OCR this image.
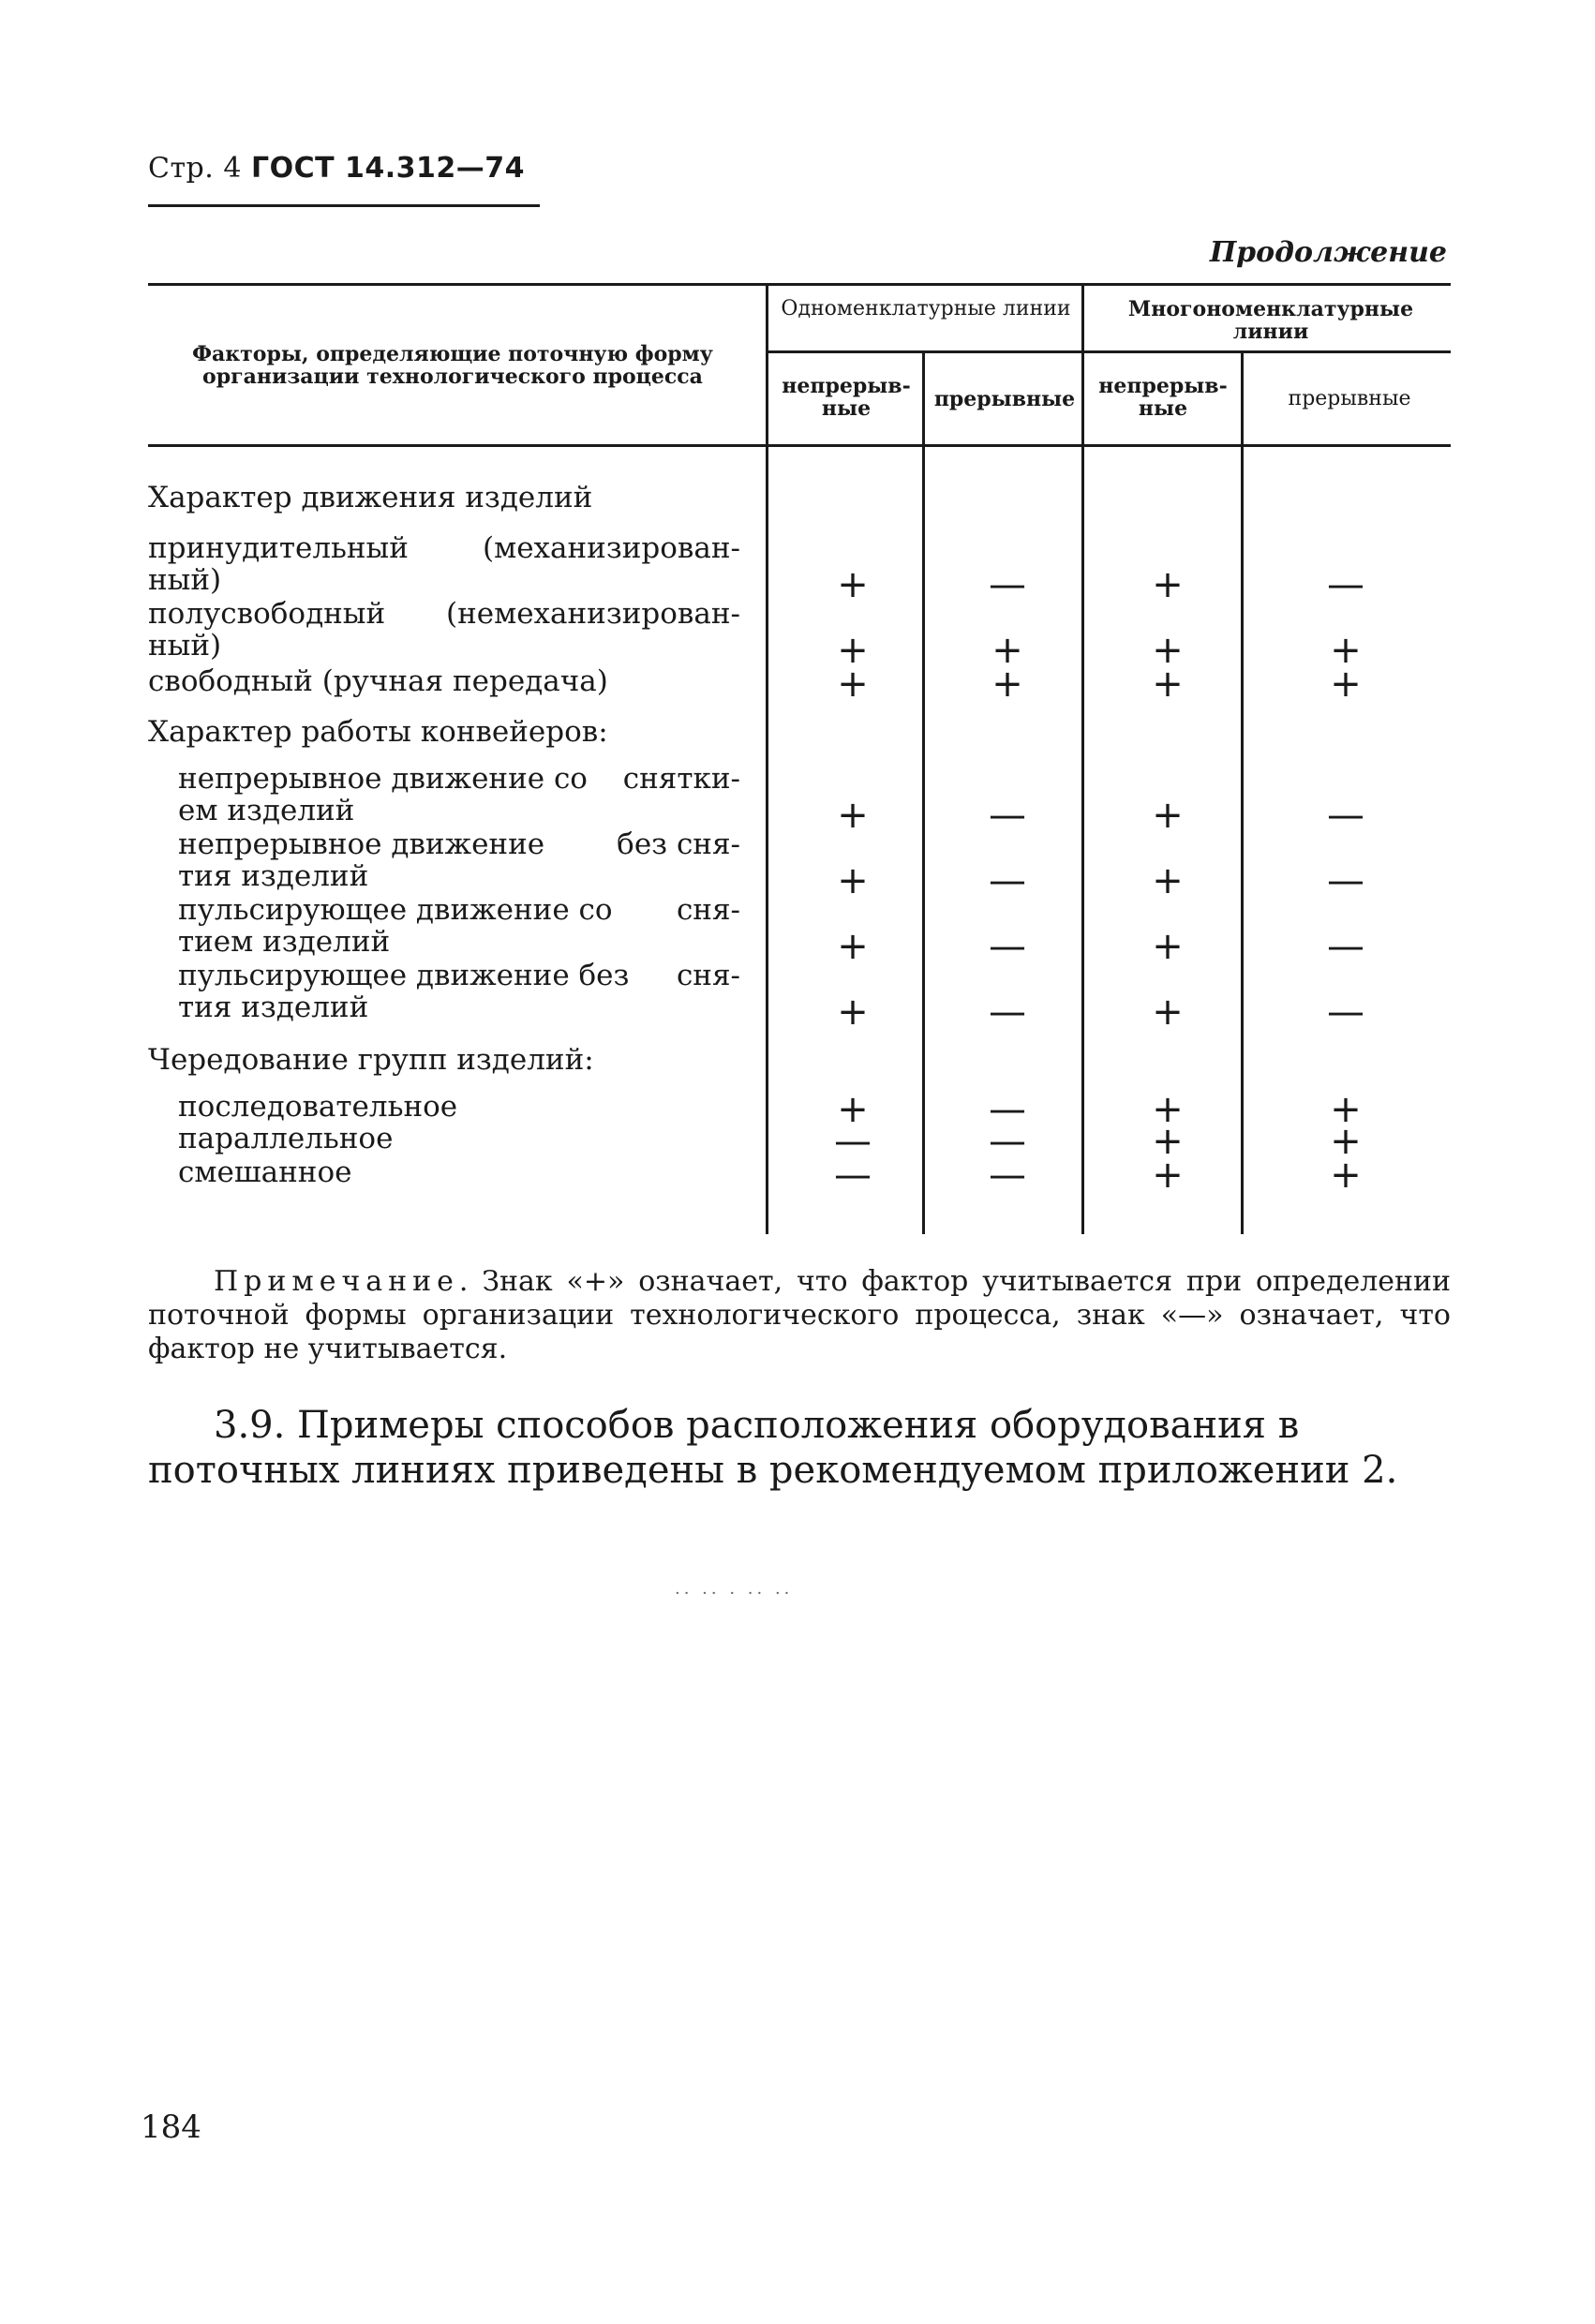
Стр. 4 ГОСТ 14.312—74
Продолжение
Факторы, определяющие поточную форму организации технологического процесса
Одноменклатурные линии	Многономенклатурные линии
непрерыв-ные	прерывные
непрерыв-ные	прерывные
Характер движения изделий
принудительный	(механизирован-
ный)	+	—	+	—
полусвободный (немеханизирован-
ный)	+	+	+	+
свободный (ручная передача)	+	+	+	+
Характер работы конвейеров:
непрерывное движение со снятки-
ем изделий	+	—	+	—
непрерывное движение без сня-
тия изделий	+	—	+	—
пульсирующее движение со сня-
тием изделий	+	—	+	—
пульсирующее движение без сня-
тия изделий	+	—	+	—
Чередование групп изделий:
последовательное	+	—	+	+
параллельное	—	—	+	+
смешанное	—	—	+	+
Примечание. Знак «+» означает, что фактор учитывается при определении поточной формы организации технологического процесса, знак «—» означает, что фактор не учитывается.
3.9. Примеры способов расположения оборудования в поточных линиях приведены в рекомендуемом приложении 2.
·· ·· · ·· ··
184
